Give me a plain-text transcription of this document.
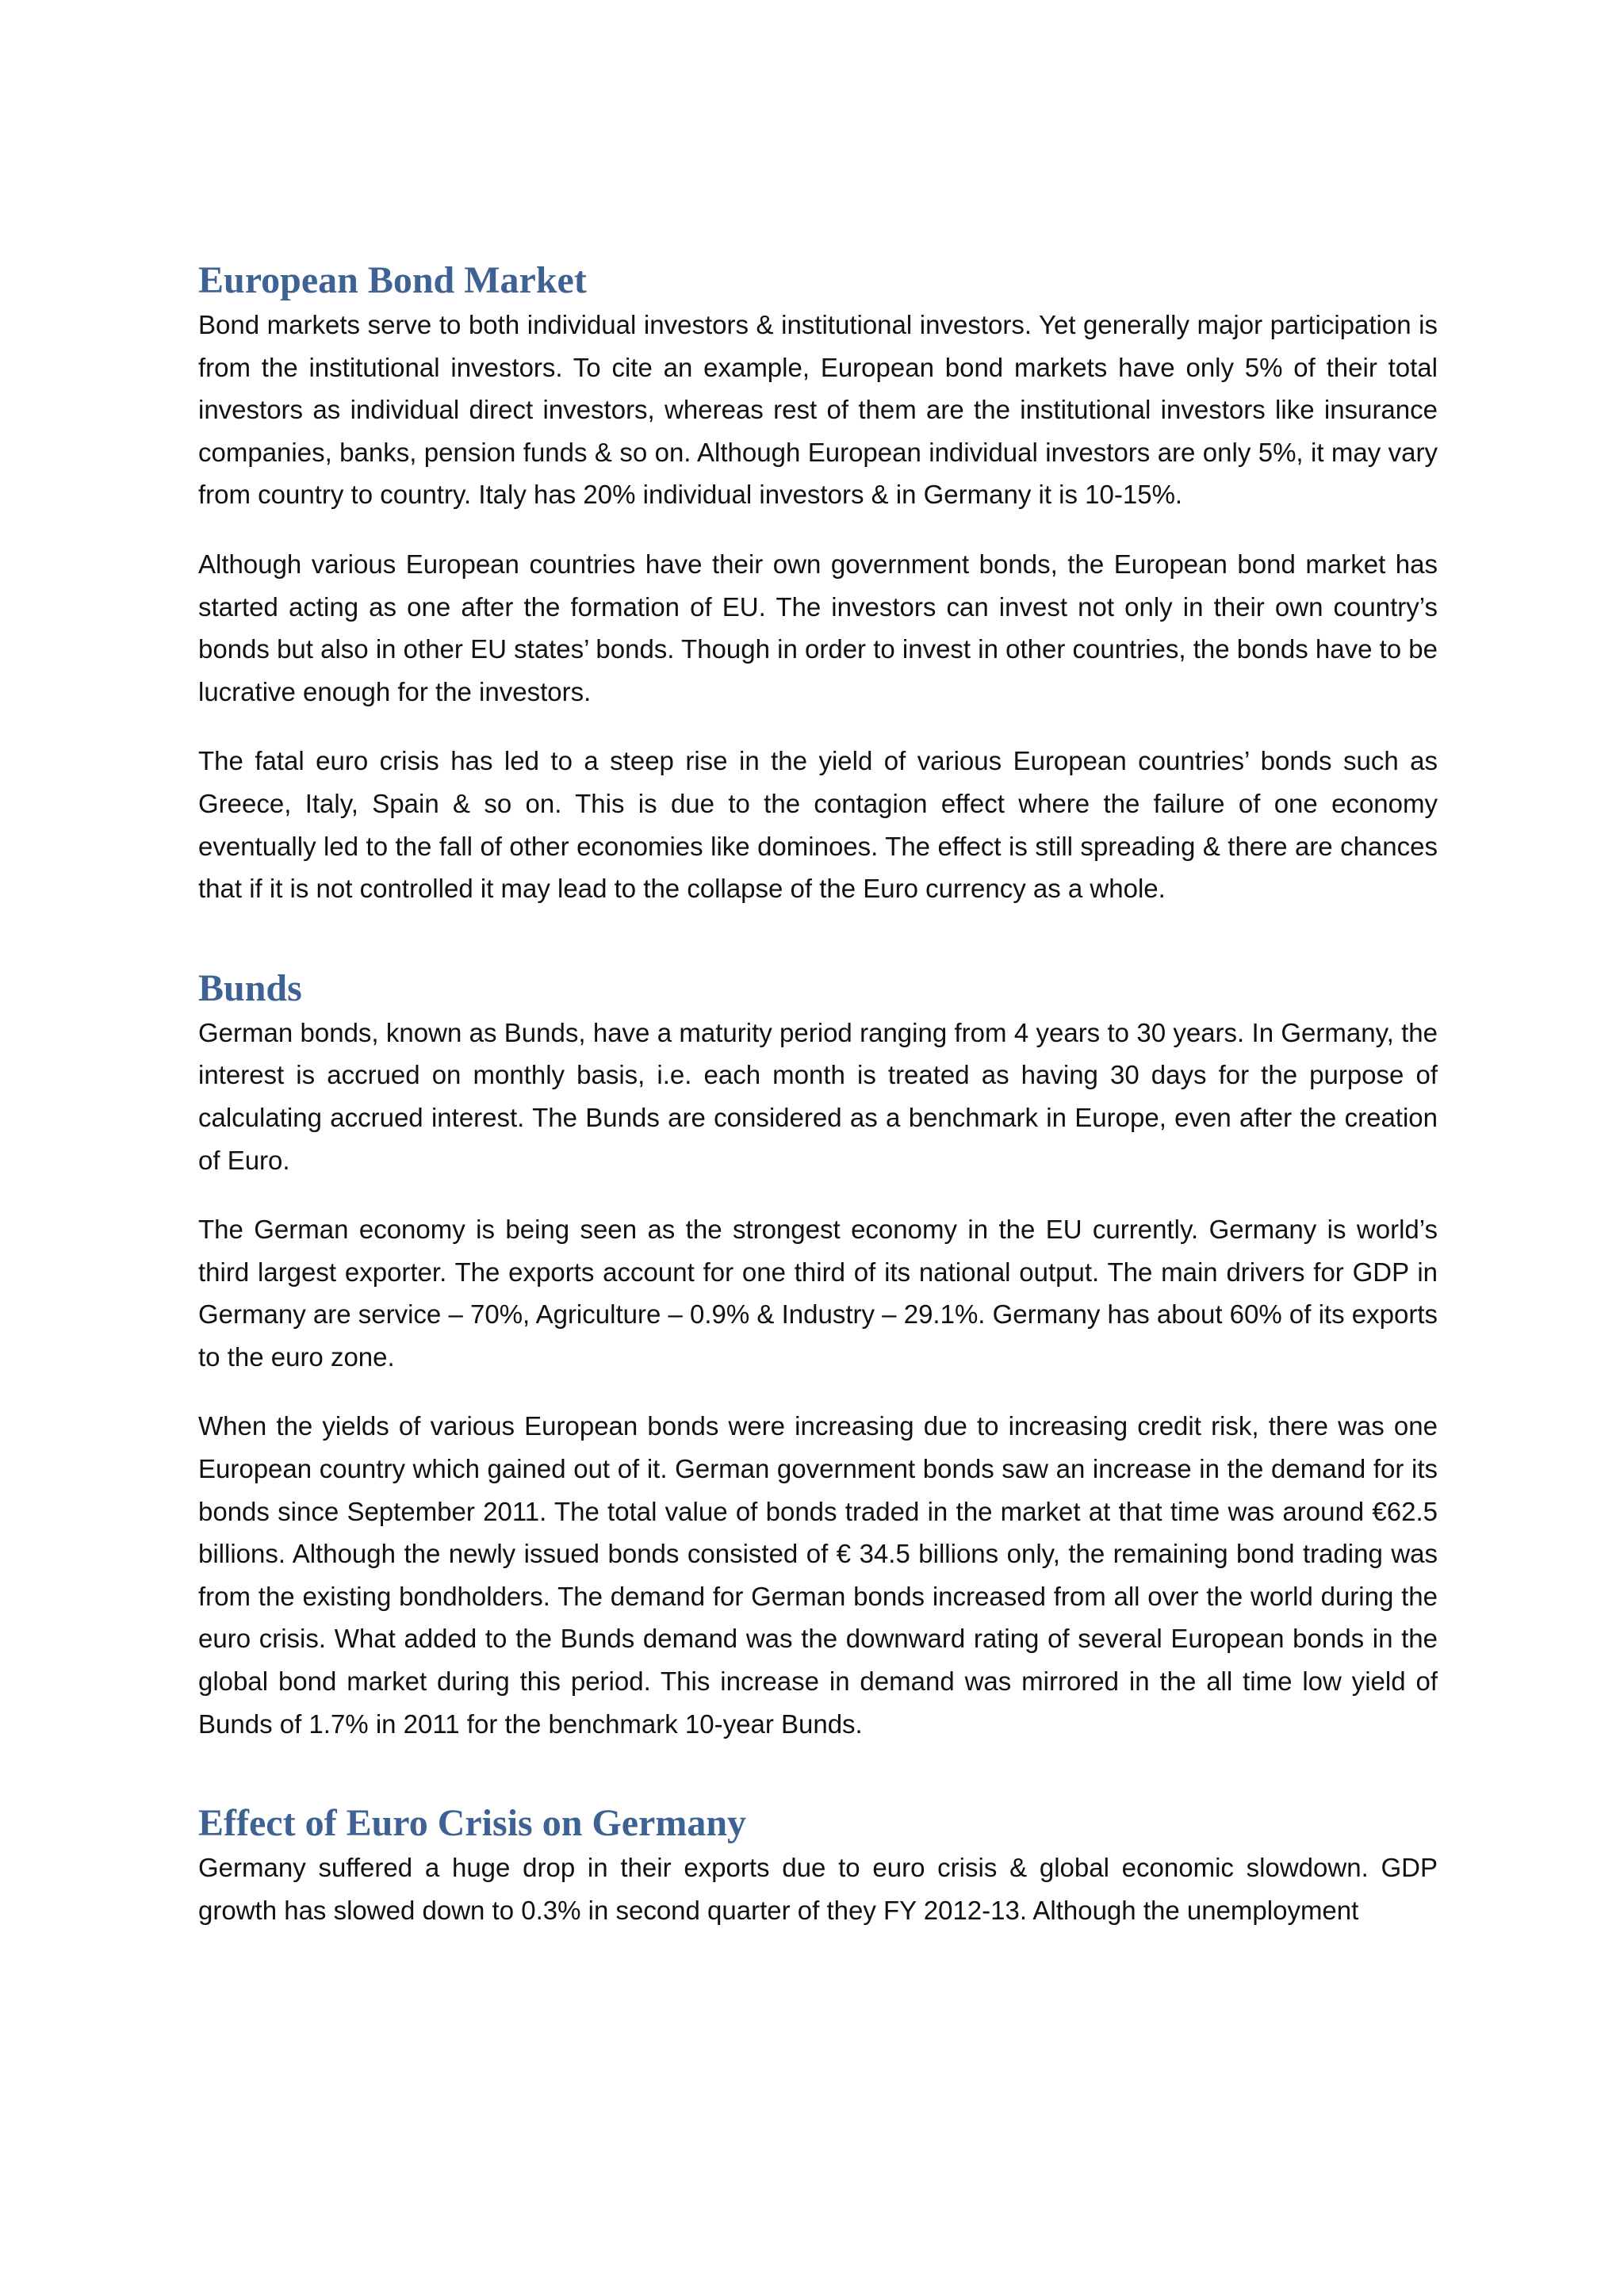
European Bond Market

Bond markets serve to both individual investors & institutional investors. Yet generally major participation is from the institutional investors. To cite an example, European bond markets have only 5% of their total investors as individual direct investors, whereas rest of them are the institutional investors like insurance companies, banks, pension funds & so on. Although European individual investors are only 5%, it may vary from country to country. Italy has 20% individual investors & in Germany it is 10-15%.

Although various European countries have their own government bonds, the European bond market has started acting as one after the formation of EU. The investors can invest not only in their own country’s bonds but also in other EU states’ bonds. Though in order to invest in other countries, the bonds have to be lucrative enough for the investors.

The fatal euro crisis has led to a steep rise in the yield of various European countries’ bonds such as Greece, Italy, Spain & so on. This is due to the contagion effect where the failure of one economy eventually led to the fall of other economies like dominoes. The effect is still spreading & there are chances that if it is not controlled it may lead to the collapse of the Euro currency as a whole.

Bunds

German bonds, known as Bunds, have a maturity period ranging from 4 years to 30 years. In Germany, the interest is accrued on monthly basis, i.e. each month is treated as having 30 days for the purpose of calculating accrued interest. The Bunds are considered as a benchmark in Europe, even after the creation of Euro.

The German economy is being seen as the strongest economy in the EU currently. Germany is world’s third largest exporter. The exports account for one third of its national output. The main drivers for GDP in Germany are service – 70%, Agriculture – 0.9% & Industry – 29.1%. Germany has about 60% of its exports to the euro zone.

When the yields of various European bonds were increasing due to increasing credit risk, there was one European country which gained out of it. German government bonds saw an increase in the demand for its bonds since September 2011. The total value of bonds traded in the market at that time was around €62.5 billions. Although the newly issued bonds consisted of € 34.5 billions only, the remaining bond trading was from the existing bondholders. The demand for German bonds increased from all over the world during the euro crisis. What added to the Bunds demand was the downward rating of several European bonds in the global bond market during this period. This increase in demand was mirrored in the all time low yield of Bunds of 1.7% in 2011 for the benchmark 10-year Bunds.

Effect of Euro Crisis on Germany

Germany suffered a huge drop in their exports due to euro crisis & global economic slowdown. GDP growth has slowed down to 0.3% in second quarter of they FY 2012-13. Although the unemployment
